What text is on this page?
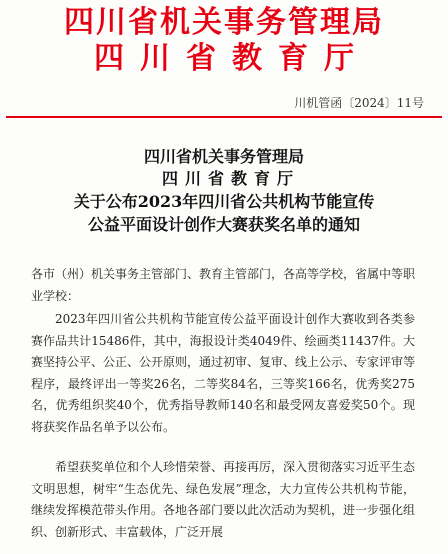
四川省机关事务管理局
四川省教育厅
川机管函〔2024〕11号
四川省机关事务管理局
四川省教育厅
关于公布2023年四川省公共机构节能宣传
公益平面设计创作大赛获奖名单的通知
各市（州）机关事务主管部门、教育主管部门，各高等学校，省属中等职业学校：
2023年四川省公共机构节能宣传公益平面设计创作大赛收到各类参赛作品共计15486件，其中，海报设计类4049件、绘画类11437件。大赛坚持公平、公正、公开原则，通过初审、复审、线上公示、专家评审等程序，最终评出一等奖26名，二等奖84名，三等奖166名，优秀奖275名，优秀组织奖40个，优秀指导教师140名和最受网友喜爱奖50个。现将获奖作品名单予以公布。
希望获奖单位和个人珍惜荣誉、再接再厉，深入贯彻落实习近平生态文明思想，树牢“生态优先、绿色发展”理念，大力宣传公共机构节能，继续发挥模范带头作用。各地各部门要以此次活动为契机，进一步强化组织、创新形式、丰富载体，广泛开展
